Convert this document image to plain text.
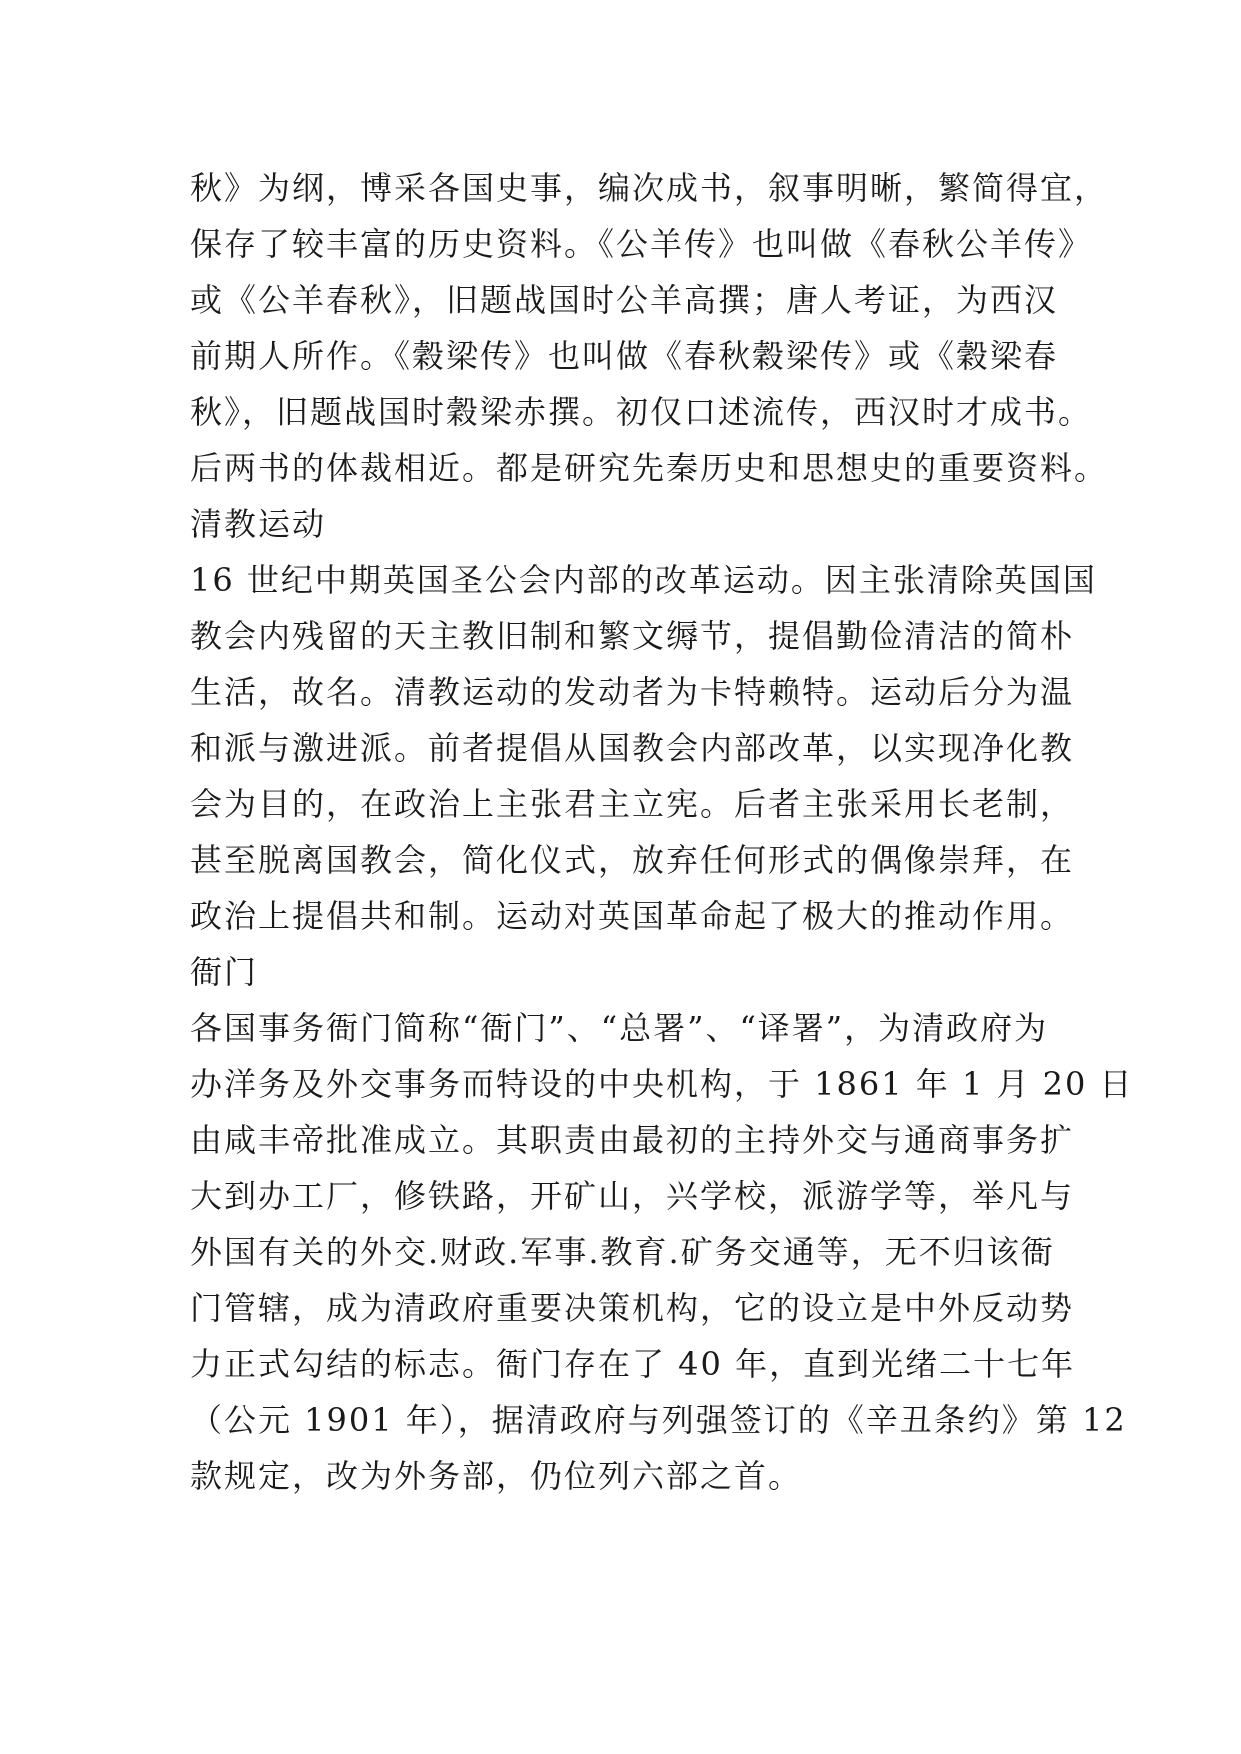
秋》为纲，博采各国史事，编次成书，叙事明晰，繁简得宜，
保存了较丰富的历史资料。《公羊传》也叫做《春秋公羊传》
或《公羊春秋》，旧题战国时公羊高撰；唐人考证，为西汉
前期人所作。《穀梁传》也叫做《春秋穀梁传》或《穀梁春
秋》，旧题战国时穀梁赤撰。初仅口述流传，西汉时才成书。
后两书的体裁相近。都是研究先秦历史和思想史的重要资料。
清教运动
16 世纪中期英国圣公会内部的改革运动。因主张清除英国国
教会内残留的天主教旧制和繁文缛节，提倡勤俭清洁的简朴
生活，故名。清教运动的发动者为卡特赖特。运动后分为温
和派与激进派。前者提倡从国教会内部改革，以实现净化教
会为目的，在政治上主张君主立宪。后者主张采用长老制，
甚至脱离国教会，简化仪式，放弃任何形式的偶像崇拜，在
政治上提倡共和制。运动对英国革命起了极大的推动作用。
衙门
各国事务衙门简称“衙门”、“总署”、“译署”，为清政府为
办洋务及外交事务而特设的中央机构，于 1861 年 1 月 20 日
由咸丰帝批准成立。其职责由最初的主持外交与通商事务扩
大到办工厂，修铁路，开矿山，兴学校，派游学等，举凡与
外国有关的外交.财政.军事.教育.矿务交通等，无不归该衙
门管辖，成为清政府重要决策机构，它的设立是中外反动势
力正式勾结的标志。衙门存在了 40 年，直到光绪二十七年
（公元 1901 年），据清政府与列强签订的《辛丑条约》第 12
款规定，改为外务部，仍位列六部之首。
